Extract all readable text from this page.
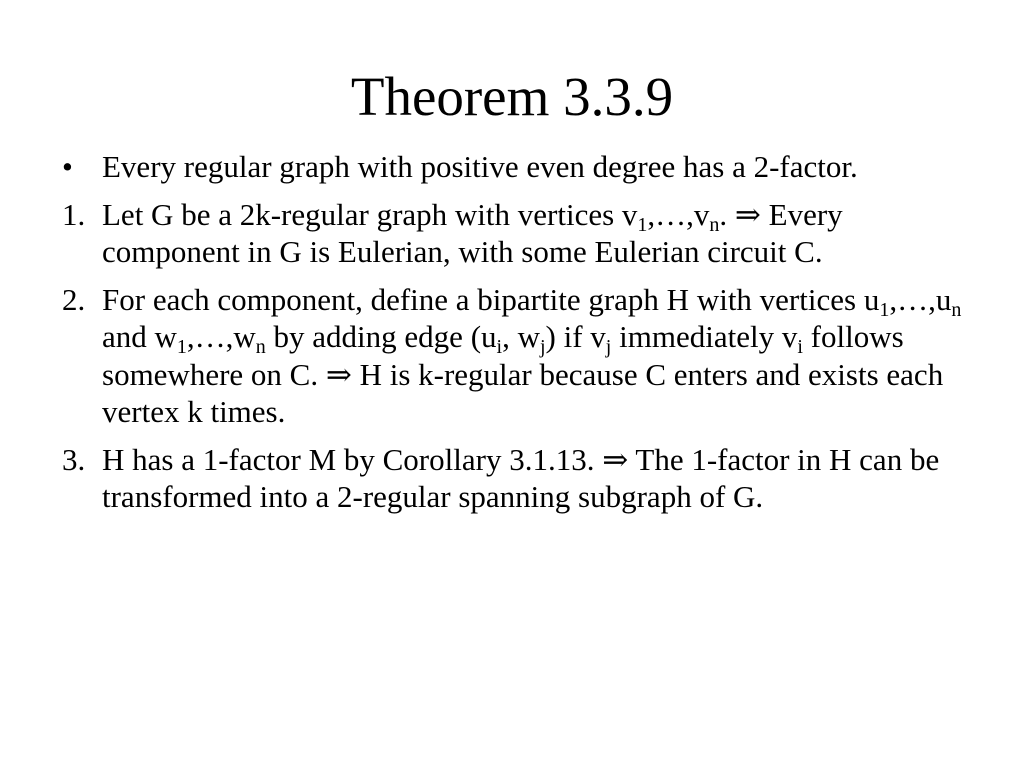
Theorem 3.3.9
• Every regular graph with positive even degree has a 2-factor.
1. Let G be a 2k-regular graph with vertices $v_1,\dots,v_n$. ⇒ Every component in G is Eulerian, with some Eulerian circuit C.
2. For each component, define a bipartite graph H with vertices $u_1,\dots,u_n$ and $w_1,\dots,w_n$ by adding edge ($u_i$, $w_j$) if $v_j$ immediately $v_i$ follows somewhere on C. ⇒ H is k-regular because C enters and exists each vertex k times.
3. H has a 1-factor M by Corollary 3.1.13. ⇒ The 1-factor in H can be transformed into a 2-regular spanning subgraph of G.
